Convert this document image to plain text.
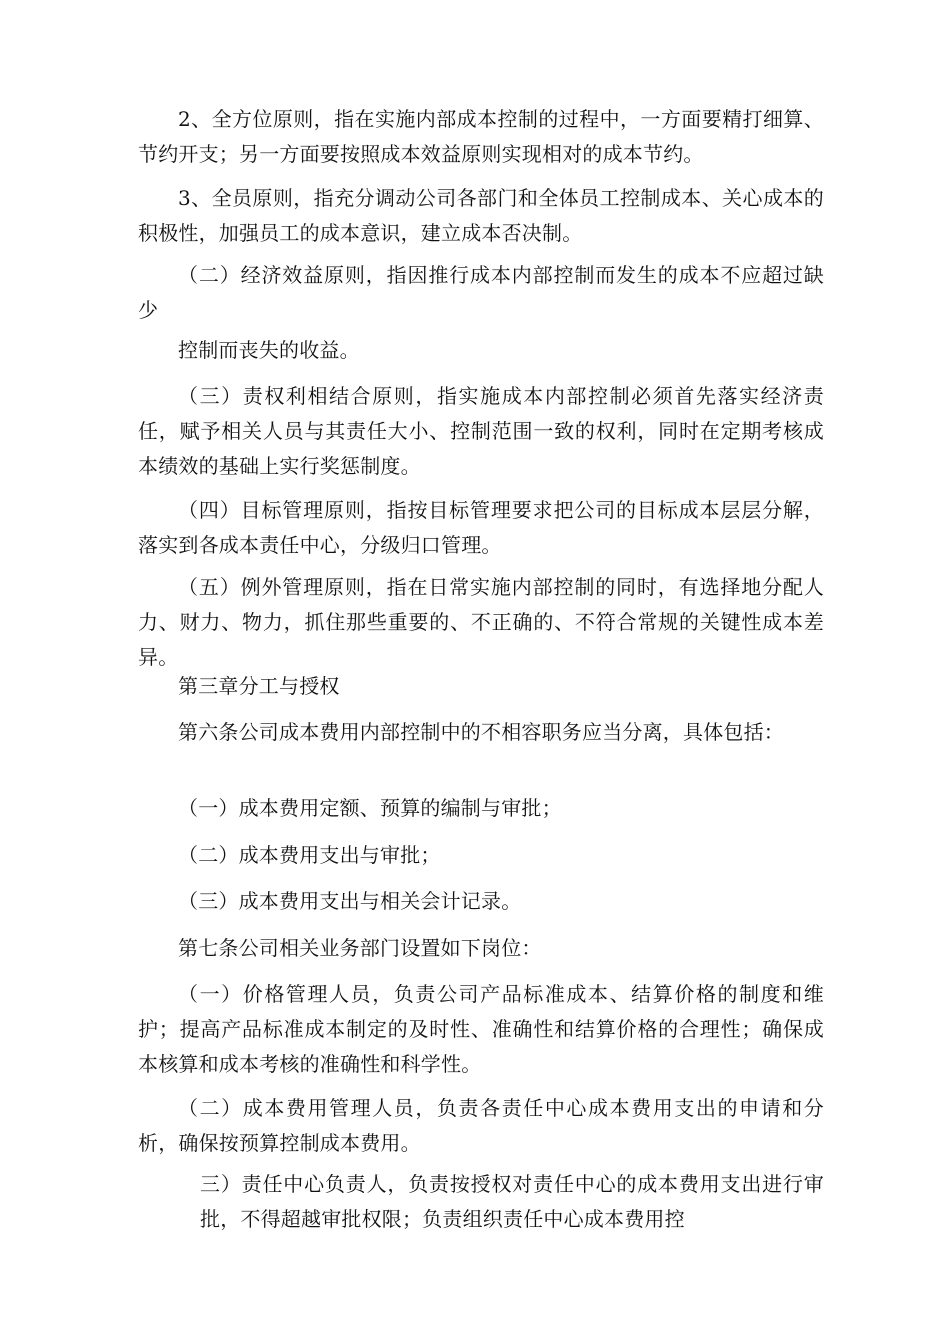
2、全方位原则，指在实施内部成本控制的过程中，一方面要精打细算、节约开支；另一方面要按照成本效益原则实现相对的成本节约。

3、全员原则，指充分调动公司各部门和全体员工控制成本、关心成本的积极性，加强员工的成本意识，建立成本否决制。

（二）经济效益原则，指因推行成本内部控制而发生的成本不应超过缺少

控制而丧失的收益。

（三）责权利相结合原则，指实施成本内部控制必须首先落实经济责任，赋予相关人员与其责任大小、控制范围一致的权利，同时在定期考核成本绩效的基础上实行奖惩制度。

（四）目标管理原则，指按目标管理要求把公司的目标成本层层分解，落实到各成本责任中心，分级归口管理。

（五）例外管理原则，指在日常实施内部控制的同时，有选择地分配人力、财力、物力，抓住那些重要的、不正确的、不符合常规的关键性成本差异。

第三章分工与授权

第六条公司成本费用内部控制中的不相容职务应当分离，具体包括：

（一）成本费用定额、预算的编制与审批；

（二）成本费用支出与审批；

（三）成本费用支出与相关会计记录。

第七条公司相关业务部门设置如下岗位：

（一）价格管理人员，负责公司产品标准成本、结算价格的制度和维护；提高产品标准成本制定的及时性、准确性和结算价格的合理性；确保成本核算和成本考核的准确性和科学性。

（二）成本费用管理人员，负责各责任中心成本费用支出的申请和分析，确保按预算控制成本费用。

三）责任中心负责人，负责按授权对责任中心的成本费用支出进行审批，不得超越审批权限；负责组织责任中心成本费用控
